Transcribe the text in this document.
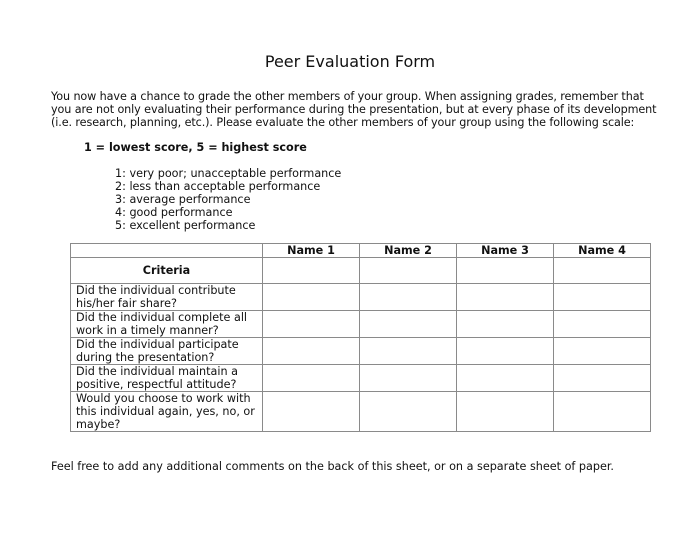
Peer Evaluation Form
You now have a chance to grade the other members of your group. When assigning grades, remember that
you are not only evaluating their performance during the presentation, but at every phase of its development
(i.e. research, planning, etc.). Please evaluate the other members of your group using the following scale:
1 = lowest score, 5 = highest score
1: very poor; unacceptable performance
2: less than acceptable performance
3: average performance
4: good performance
5: excellent performance
	Name 1	Name 2	Name 3	Name 4
Criteria				

Did the individual contribute
his/her fair share?				

Did the individual complete all
work in a timely manner?				

Did the individual participate
during the presentation?				

Did the individual maintain a
positive, respectful attitude?				

Would you choose to work with
this individual again, yes, no, or
maybe?				

Feel free to add any additional comments on the back of this sheet, or on a separate sheet of paper.
